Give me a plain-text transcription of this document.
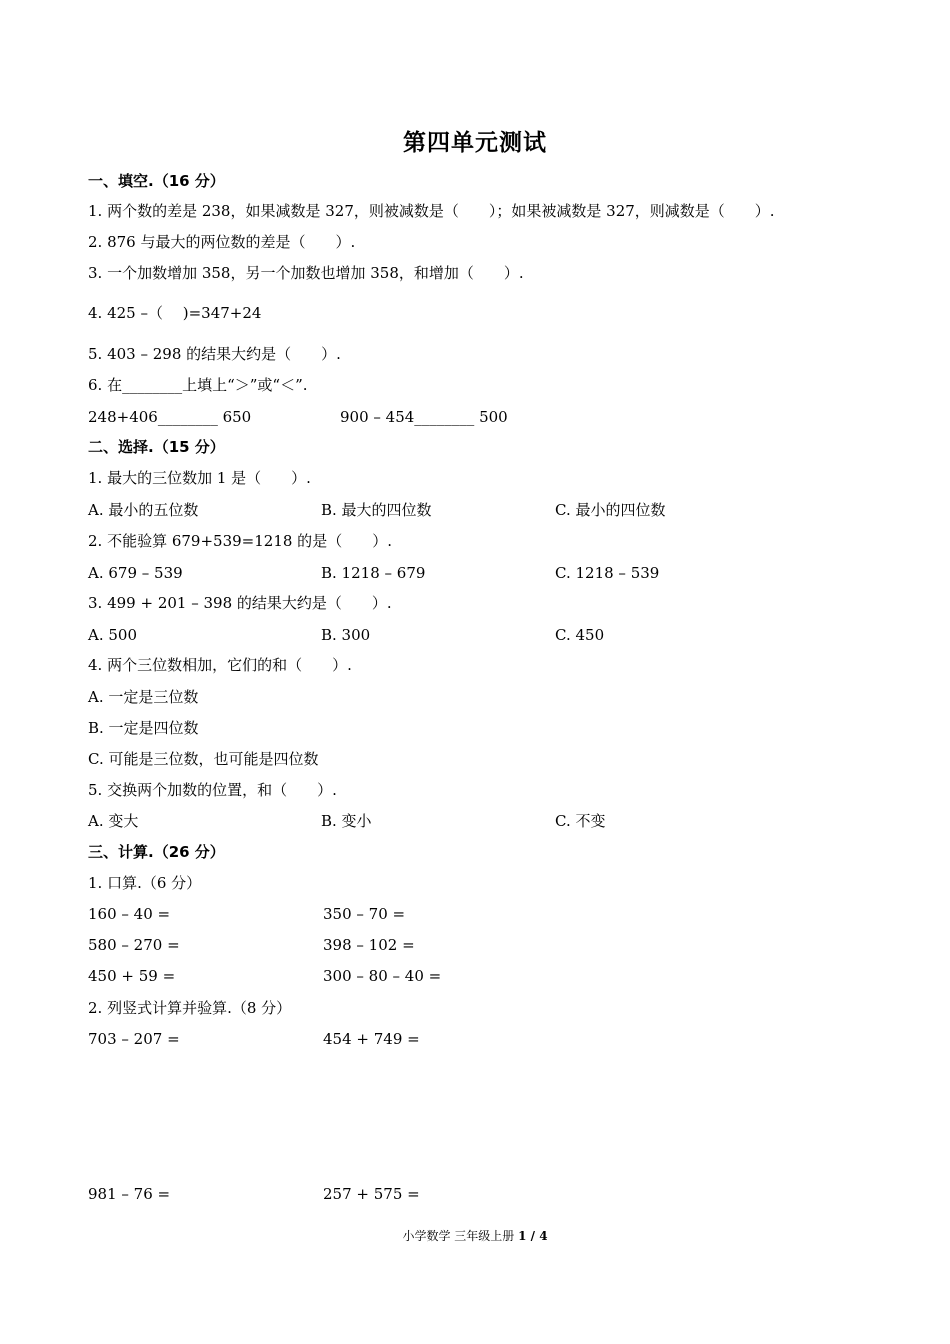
第四单元测试
一、填空.（16 分）
1. 两个数的差是 238，如果减数是 327，则被减数是（　　）；如果被减数是 327，则减数是（　　）.
2. 876 与最大的两位数的差是（　　）.
3. 一个加数增加 358，另一个加数也增加 358，和增加（　　）.
4. 425 –（　 )=347+24
5. 403 – 298 的结果大约是（　　）.
6. 在________上填上“＞”或“＜”.
248+406________ 650	900 – 454________ 500
二、选择.（15 分）
1. 最大的三位数加 1 是（　　）.
A. 最小的五位数	B. 最大的四位数	C. 最小的四位数
2. 不能验算 679+539=1218 的是（　　）.
A. 679 – 539	B. 1218 – 679	C. 1218 – 539
3. 499 + 201 – 398 的结果大约是（　　）.
A. 500	B. 300	C. 450
4. 两个三位数相加，它们的和（　　）.
A. 一定是三位数
B. 一定是四位数
C. 可能是三位数，也可能是四位数
5. 交换两个加数的位置，和（　　）.
A. 变大	B. 变小	C. 不变
三、计算.（26 分）
1. 口算.（6 分）
160 – 40 =	350 – 70 =
580 – 270 =	398 – 102 =
450 + 59 =	300 – 80 – 40 =
2. 列竖式计算并验算.（8 分）
703 – 207 =	454 + 749 =
981 – 76 =	257 + 575 =
小学数学 三年级上册 1 / 4
